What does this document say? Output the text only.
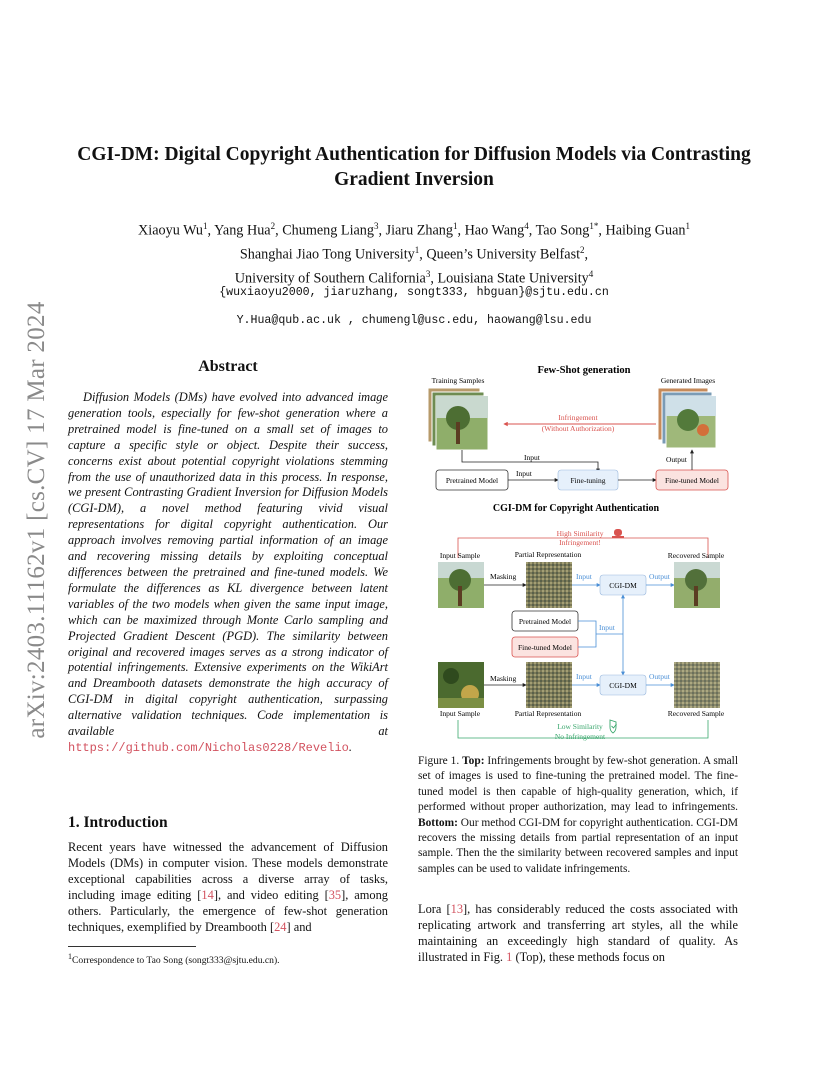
arXiv:2403.11162v1 [cs.CV] 17 Mar 2024
CGI-DM: Digital Copyright Authentication for Diffusion Models via Contrasting
Gradient Inversion
Xiaoyu Wu$^1$, Yang Hua$^2$, Chumeng Liang$^3$, Jiaru Zhang$^1$, Hao Wang$^4$, Tao Song$^{1*}$, Haibing Guan$^1$
Shanghai Jiao Tong University$^1$, Queen’s University Belfast$^2$,
University of Southern California$^3$, Louisiana State University$^4$
{wuxiaoyu2000, jiaruzhang, songt333, hbguan}@sjtu.edu.cn
Y.Hua@qub.ac.uk , chumengl@usc.edu, haowang@lsu.edu
Abstract

Diffusion Models (DMs) have evolved into advanced image generation tools, especially for few-shot generation where a pretrained model is fine-tuned on a small set of images to capture a specific style or object. Despite their success, concerns exist about potential copyright violations stemming from the use of unauthorized data in this process. In response, we present Contrasting Gradient Inversion for Diffusion Models (CGI-DM), a novel method featuring vivid visual representations for digital copyright authentication. Our approach involves removing partial information of an image and recovering missing details by exploiting conceptual differences between the pretrained and fine-tuned models. We formulate the differences as KL divergence between latent variables of the two models when given the same input image, which can be maximized through Monte Carlo sampling and Projected Gradient Descent (PGD). The similarity between original and recovered images serves as a strong indicator of potential infringements. Extensive experiments on the WikiArt and Dreambooth datasets demonstrate the high accuracy of CGI-DM in digital copyright authentication, surpassing alternative validation techniques. Code implementation is available at https://github.com/Nicholas0228/Revelio.

1. Introduction

Recent years have witnessed the advancement of Diffusion Models (DMs) in computer vision. These models demonstrate exceptional capabilities across a diverse array of tasks, including image editing [14], and video editing [35], among others. Particularly, the emergence of few-shot generation techniques, exemplified by Dreambooth [24] and

$^1$Correspondence to Tao Song (songt333@sjtu.edu.cn).
Few-Shot generation
Training Samples	Generated Images
Infringement
(Without Authorization)
Input
Pretrained Model
Input
Fine-tuning	Fine-tuned Model
Output
CGI-DM for Copyright Authentication
High Similarity
Infringement!
Input Sample	Partial Representation	Recovered Sample
Masking	Input
CGI-DM
Output
Pretrained Model
Fine-tuned Model
Input
Masking	Input
CGI-DM
Output
Input Sample	Partial Representation	Recovered Sample
Low Similarity
No Infringement

Figure 1. Top: Infringements brought by few-shot generation. A small set of images is used to fine-tuning the pretrained model. The fine-tuned model is then capable of high-quality generation, which, if performed without proper authorization, may lead to infringements. Bottom: Our method CGI-DM for copyright authentication. CGI-DM recovers the missing details from partial representation of an input sample. Then the the similarity between recovered samples and input samples can be used to validate infringements.

Lora [13], has considerably reduced the costs associated with replicating artwork and transferring art styles, all the while maintaining an exceedingly high standard of quality. As illustrated in Fig. 1 (Top), these methods focus on
